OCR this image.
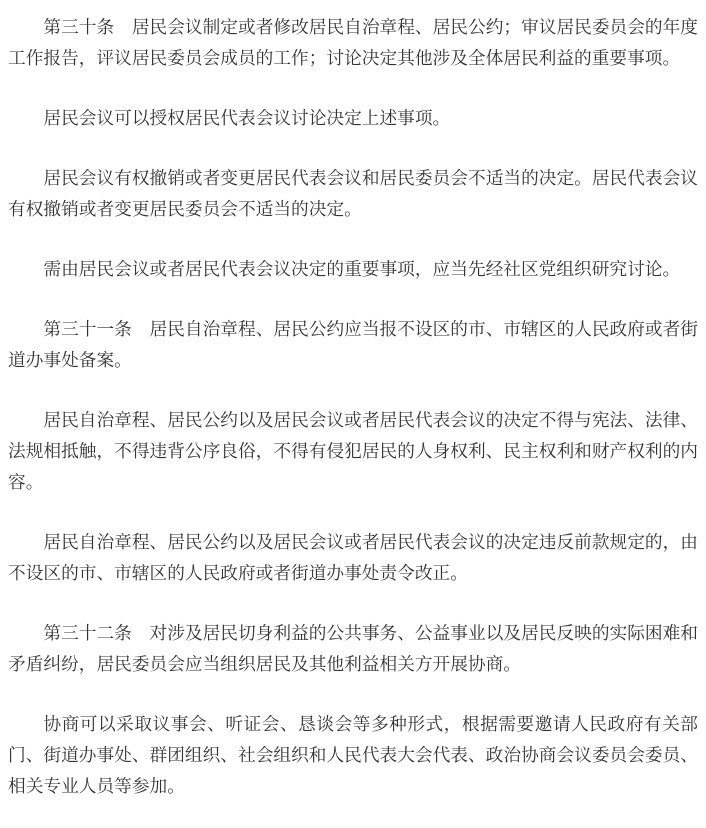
第三十条　居民会议制定或者修改居民自治章程、居民公约；审议居民委员会的年度工作报告，评议居民委员会成员的工作；讨论决定其他涉及全体居民利益的重要事项。

居民会议可以授权居民代表会议讨论决定上述事项。

居民会议有权撤销或者变更居民代表会议和居民委员会不适当的决定。居民代表会议有权撤销或者变更居民委员会不适当的决定。

需由居民会议或者居民代表会议决定的重要事项，应当先经社区党组织研究讨论。

第三十一条　居民自治章程、居民公约应当报不设区的市、市辖区的人民政府或者街道办事处备案。

居民自治章程、居民公约以及居民会议或者居民代表会议的决定不得与宪法、法律、法规相抵触，不得违背公序良俗，不得有侵犯居民的人身权利、民主权利和财产权利的内容。

居民自治章程、居民公约以及居民会议或者居民代表会议的决定违反前款规定的，由不设区的市、市辖区的人民政府或者街道办事处责令改正。

第三十二条　对涉及居民切身利益的公共事务、公益事业以及居民反映的实际困难和矛盾纠纷，居民委员会应当组织居民及其他利益相关方开展协商。

协商可以采取议事会、听证会、恳谈会等多种形式，根据需要邀请人民政府有关部门、街道办事处、群团组织、社会组织和人民代表大会代表、政治协商会议委员会委员、相关专业人员等参加。
